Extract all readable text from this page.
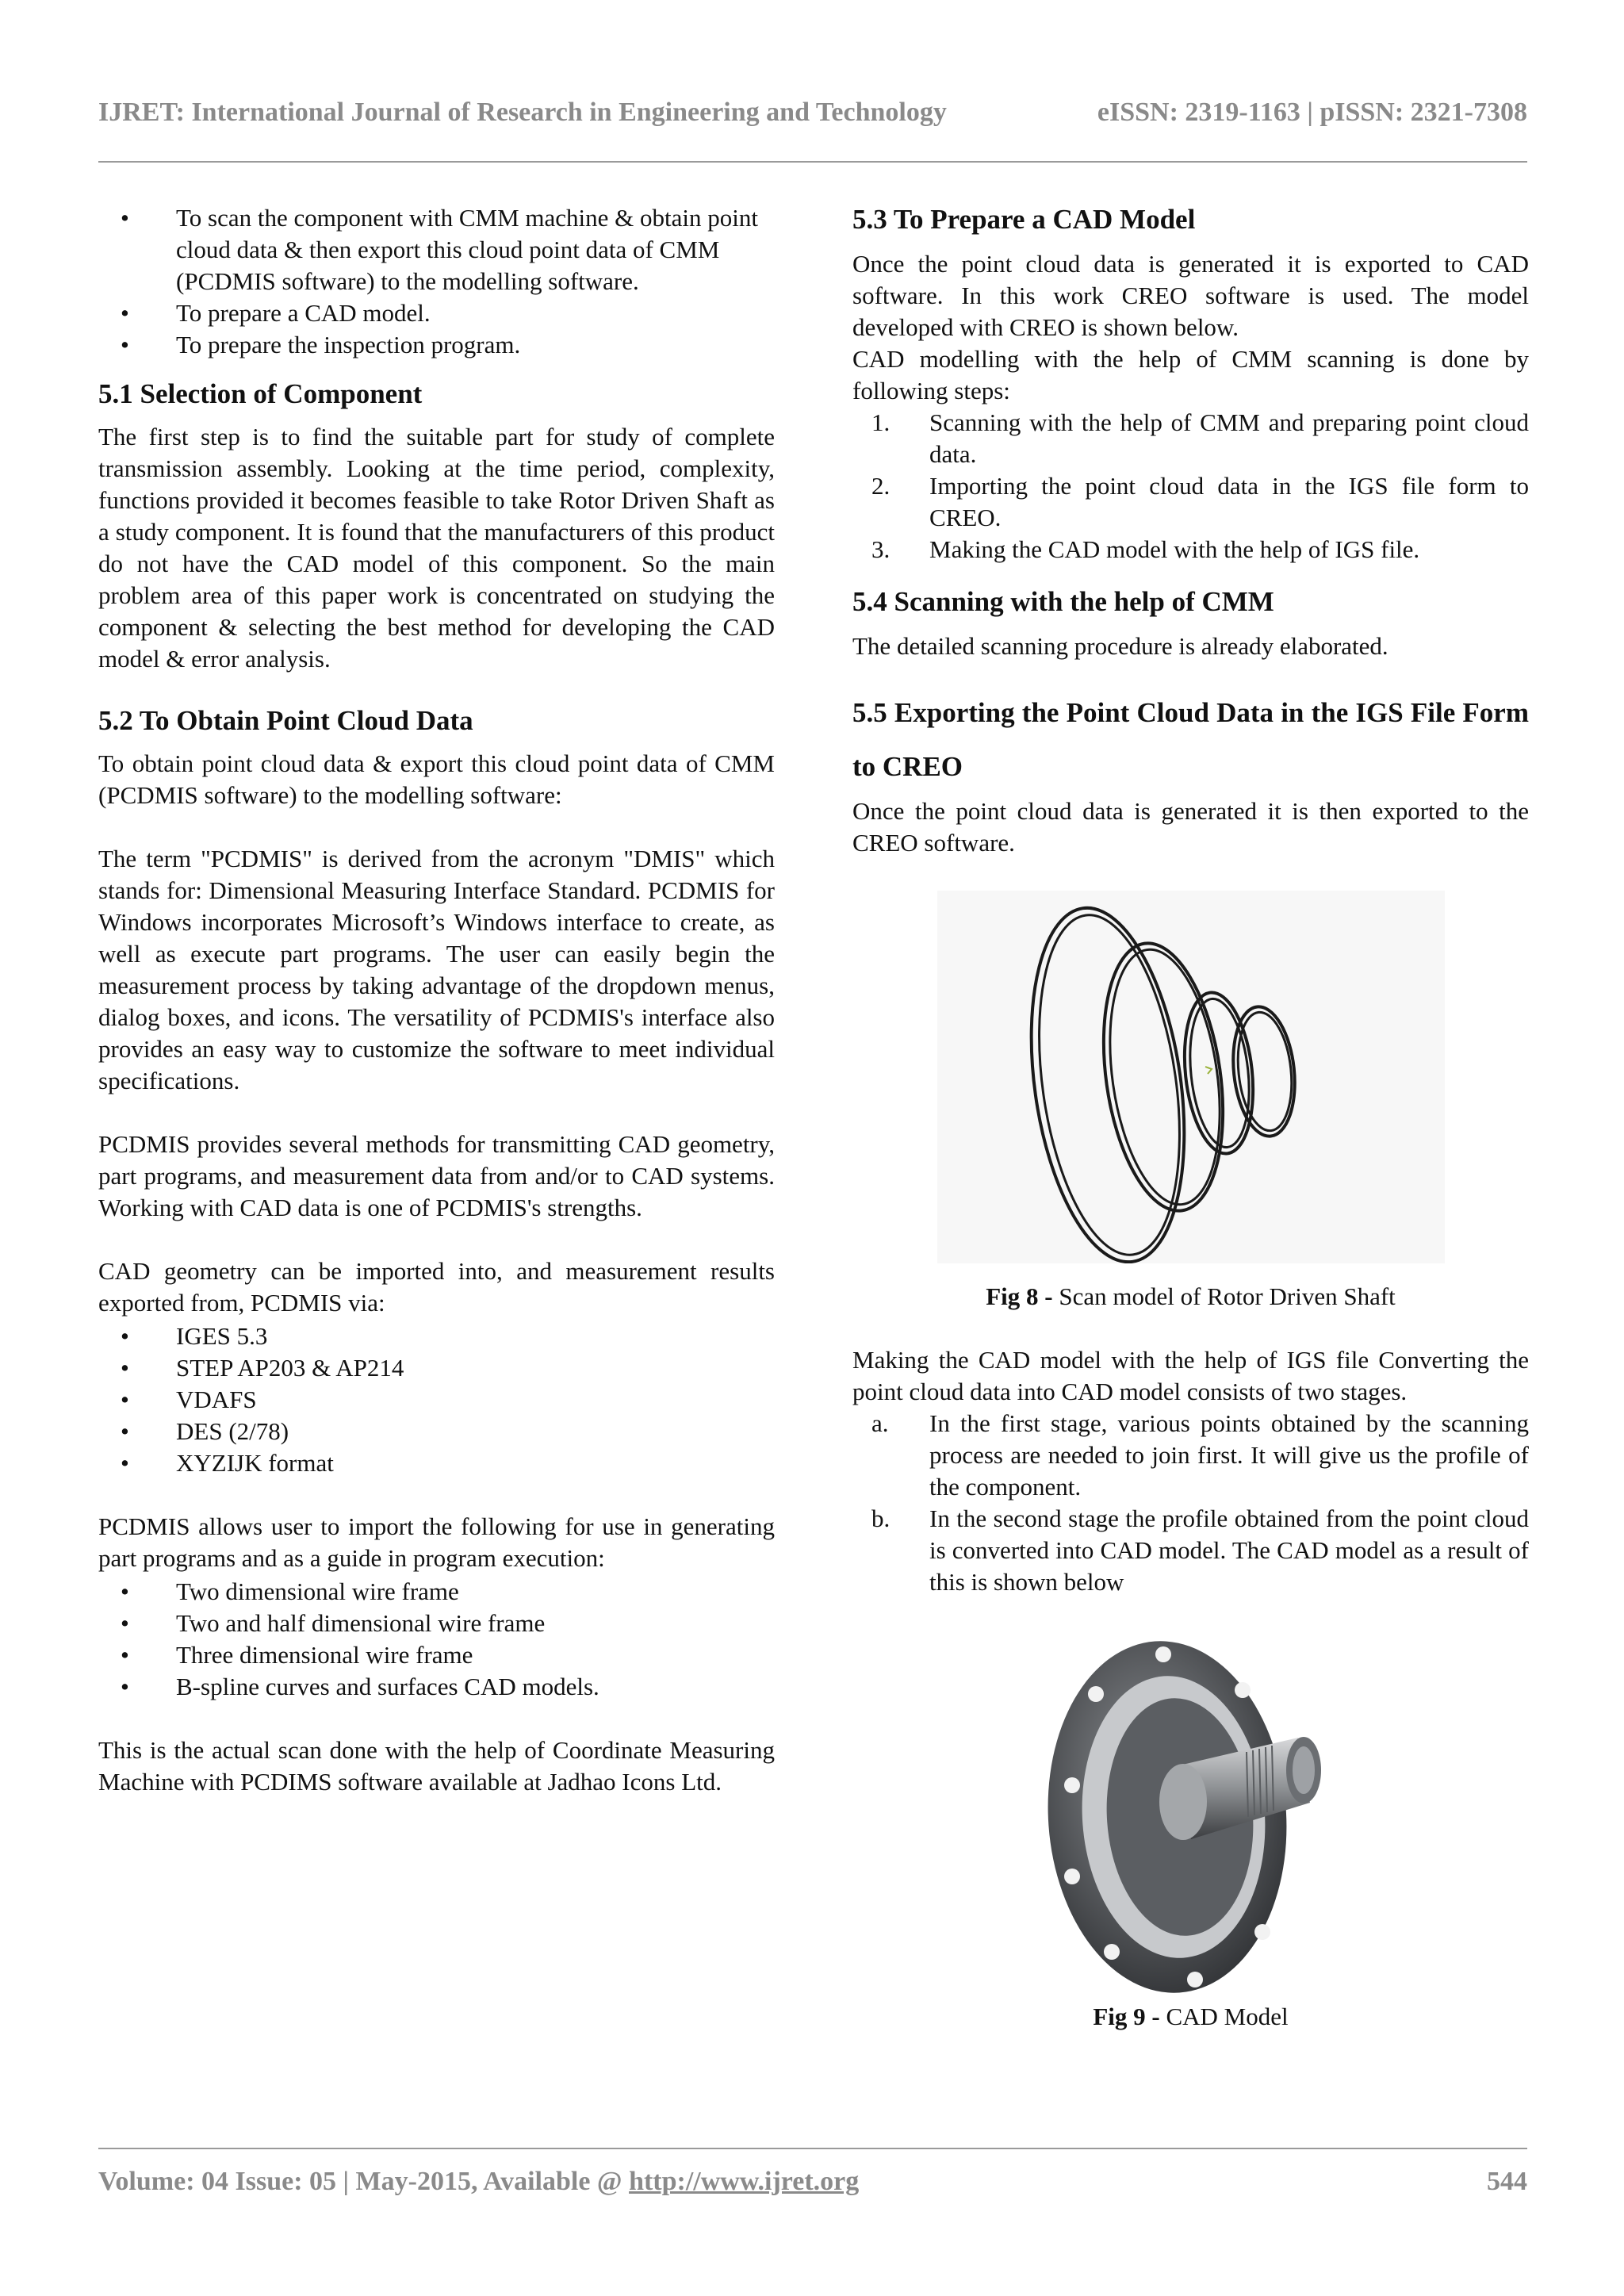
IJRET: International Journal of Research in Engineering and Technology	eISSN: 2319-1163 | pISSN: 2321-7308
• To scan the component with CMM machine & obtain point cloud data & then export this cloud point data of CMM (PCDMIS software) to the modelling software.
• To prepare a CAD model.
• To prepare the inspection program.
5.1 Selection of Component

The first step is to find the suitable part for study of complete transmission assembly. Looking at the time period, complexity, functions provided it becomes feasible to take Rotor Driven Shaft as a study component. It is found that the manufacturers of this product do not have the CAD model of this component. So the main problem area of this paper work is concentrated on studying the component & selecting the best method for developing the CAD model & error analysis.

5.2 To Obtain Point Cloud Data

To obtain point cloud data & export this cloud point data of CMM (PCDMIS software) to the modelling software:

The term "PCDMIS" is derived from the acronym "DMIS" which stands for: Dimensional Measuring Interface Standard. PCDMIS for Windows incorporates Microsoft’s Windows interface to create, as well as execute part programs. The user can easily begin the measurement process by taking advantage of the dropdown menus, dialog boxes, and icons. The versatility of PCDMIS's interface also provides an easy way to customize the software to meet individual specifications.

PCDMIS provides several methods for transmitting CAD geometry, part programs, and measurement data from and/or to CAD systems. Working with CAD data is one of PCDMIS's strengths.

CAD geometry can be imported into, and measurement results exported from, PCDMIS via:

• IGES 5.3
• STEP AP203 & AP214
• VDAFS
• DES (2/78)
• XYZIJK format

PCDMIS allows user to import the following for use in generating part programs and as a guide in program execution:

• Two dimensional wire frame
• Two and half dimensional wire frame
• Three dimensional wire frame
• B-spline curves and surfaces CAD models.

This is the actual scan done with the help of Coordinate Measuring Machine with PCDIMS software available at Jadhao Icons Ltd.

5.3 To Prepare a CAD Model

Once the point cloud data is generated it is exported to CAD software. In this work CREO software is used. The model developed with CREO is shown below.

CAD modelling with the help of CMM scanning is done by following steps:

1. Scanning with the help of CMM and preparing point cloud data.
2. Importing the point cloud data in the IGS file form to CREO.
3. Making the CAD model with the help of IGS file.
5.4 Scanning with the help of CMM

The detailed scanning procedure is already elaborated.

5.5 Exporting the Point Cloud Data in the IGS File Form to CREO

Once the point cloud data is generated it is then exported to the CREO software.

Fig 8 - Scan model of Rotor Driven Shaft

Making the CAD model with the help of IGS file Converting the point cloud data into CAD model consists of two stages.

a. In the first stage, various points obtained by the scanning process are needed to join first. It will give us the profile of the component.
b. In the second stage the profile obtained from the point cloud is converted into CAD model. The CAD model as a result of this is shown below
Fig 9 - CAD Model
Volume: 04 Issue: 05 | May-2015, Available @ http://www.ijret.org	544
